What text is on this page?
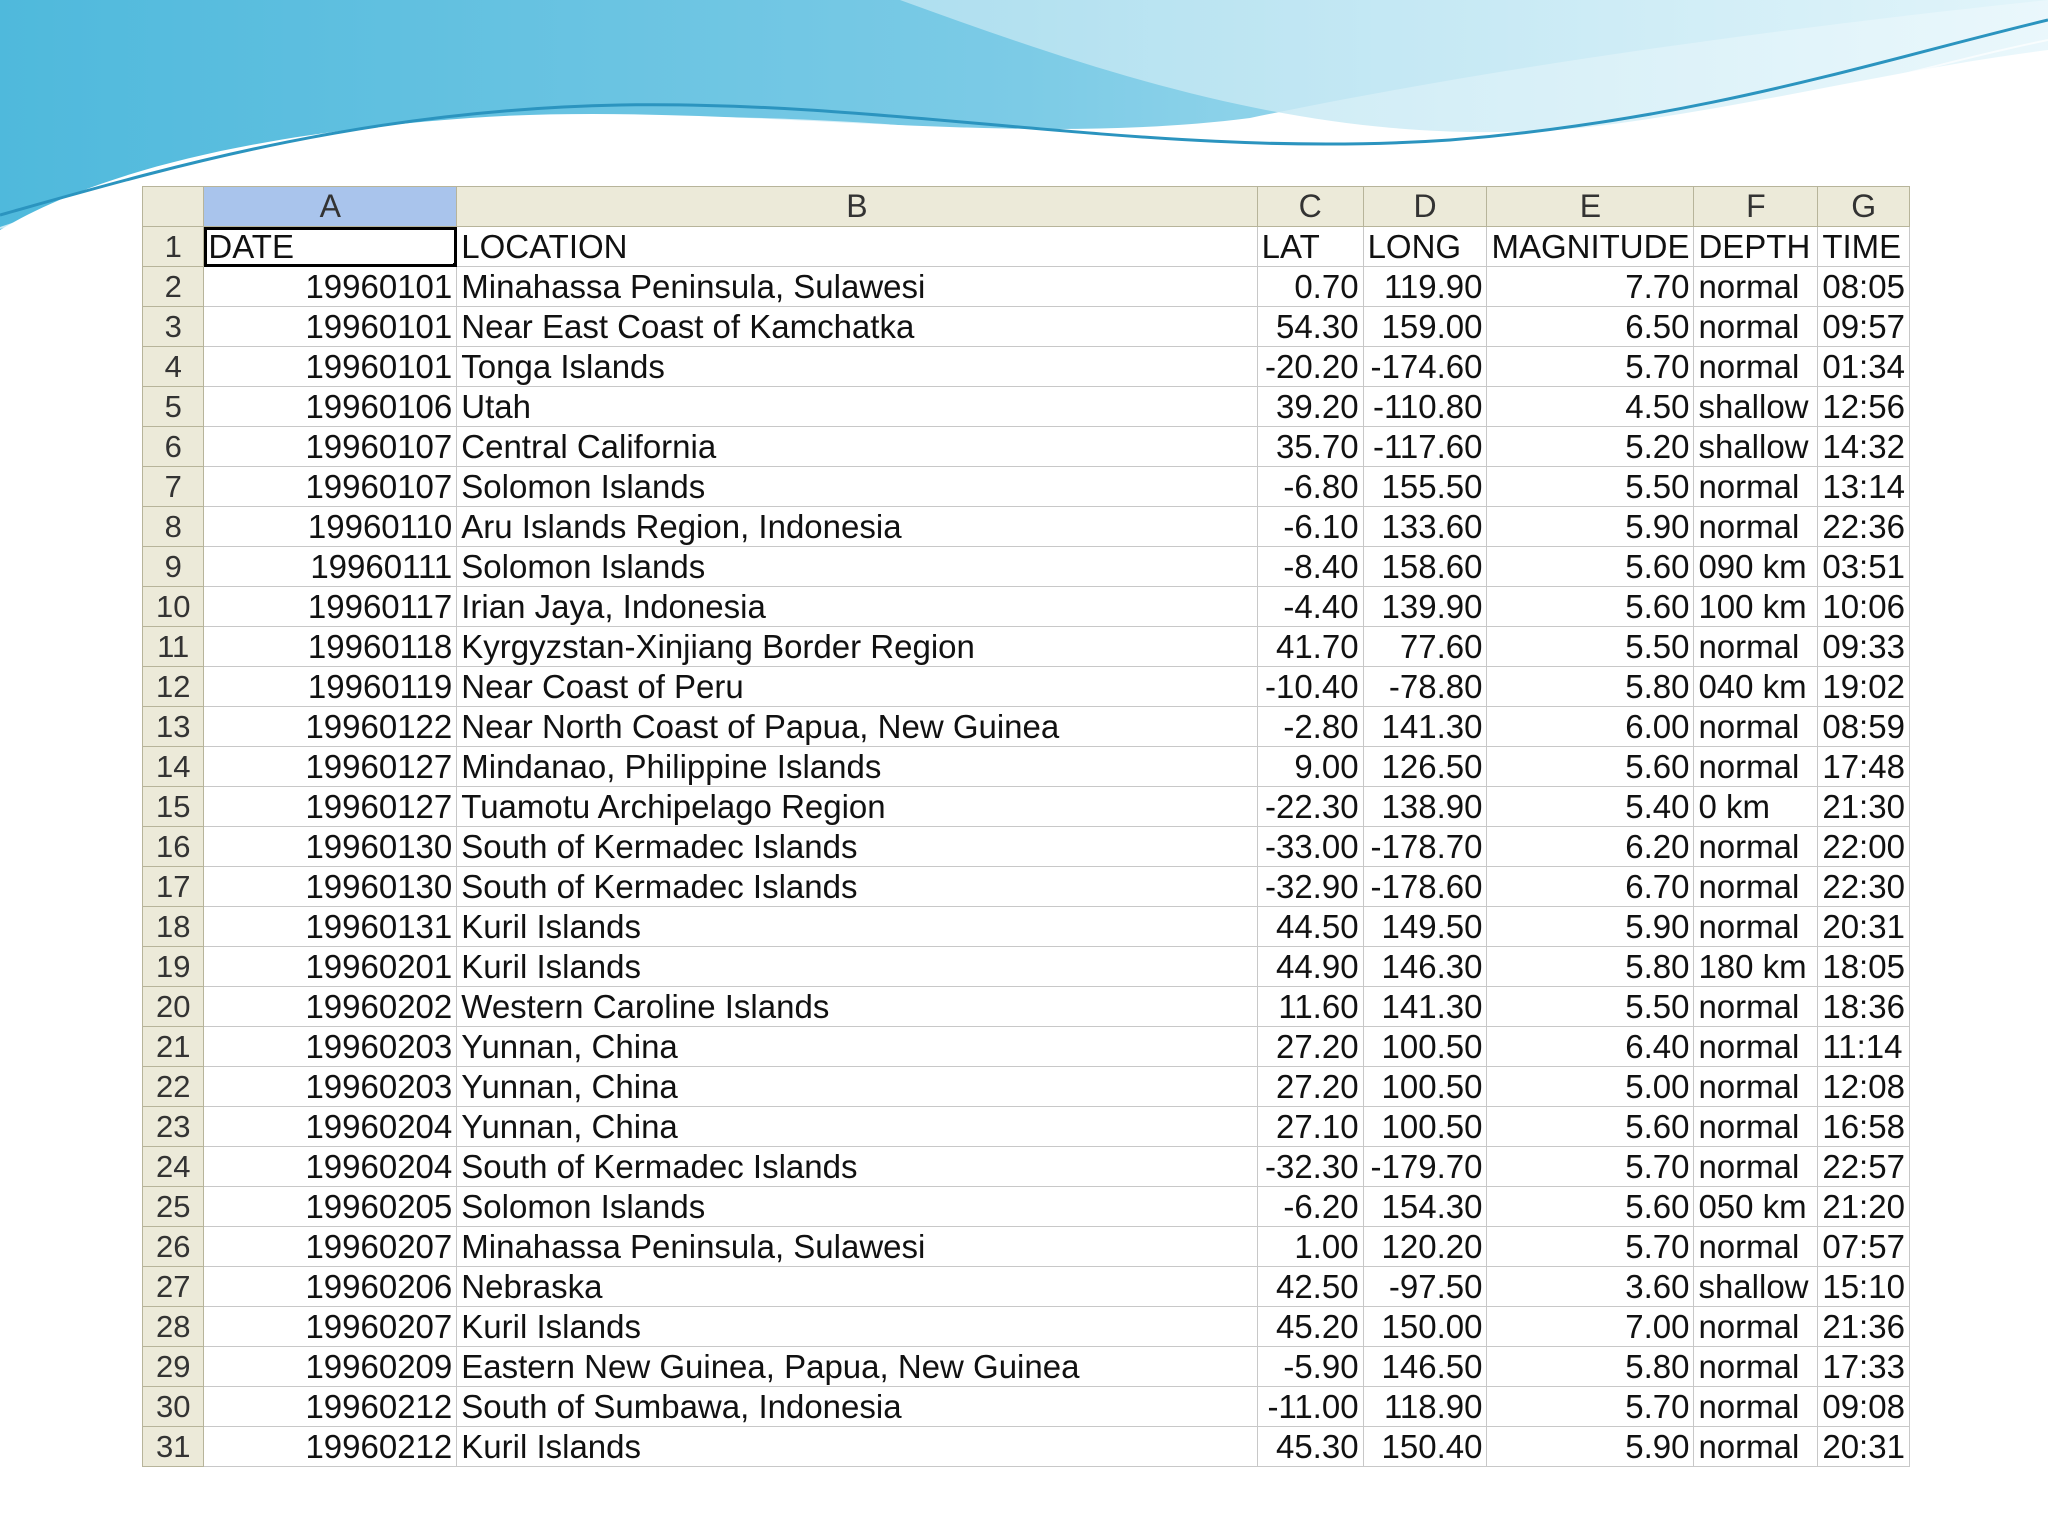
	A	B	C	D	E	F	G
1	DATE	LOCATION	LAT	LONG	MAGNITUDE	DEPTH	TIME
2	19960101	Minahassa Peninsula, Sulawesi	0.70	119.90	7.70	normal	08:05
3	19960101	Near East Coast of Kamchatka	54.30	159.00	6.50	normal	09:57
4	19960101	Tonga Islands	-20.20	-174.60	5.70	normal	01:34
5	19960106	Utah	39.20	-110.80	4.50	shallow	12:56
6	19960107	Central California	35.70	-117.60	5.20	shallow	14:32
7	19960107	Solomon Islands	-6.80	155.50	5.50	normal	13:14
8	19960110	Aru Islands Region, Indonesia	-6.10	133.60	5.90	normal	22:36
9	19960111	Solomon Islands	-8.40	158.60	5.60	090 km	03:51
10	19960117	Irian Jaya, Indonesia	-4.40	139.90	5.60	100 km	10:06
11	19960118	Kyrgyzstan-Xinjiang Border Region	41.70	77.60	5.50	normal	09:33
12	19960119	Near Coast of Peru	-10.40	-78.80	5.80	040 km	19:02
13	19960122	Near North Coast of Papua, New Guinea	-2.80	141.30	6.00	normal	08:59
14	19960127	Mindanao, Philippine Islands	9.00	126.50	5.60	normal	17:48
15	19960127	Tuamotu Archipelago Region	-22.30	138.90	5.40	0 km	21:30
16	19960130	South of Kermadec Islands	-33.00	-178.70	6.20	normal	22:00
17	19960130	South of Kermadec Islands	-32.90	-178.60	6.70	normal	22:30
18	19960131	Kuril Islands	44.50	149.50	5.90	normal	20:31
19	19960201	Kuril Islands	44.90	146.30	5.80	180 km	18:05
20	19960202	Western Caroline Islands	11.60	141.30	5.50	normal	18:36
21	19960203	Yunnan, China	27.20	100.50	6.40	normal	11:14
22	19960203	Yunnan, China	27.20	100.50	5.00	normal	12:08
23	19960204	Yunnan, China	27.10	100.50	5.60	normal	16:58
24	19960204	South of Kermadec Islands	-32.30	-179.70	5.70	normal	22:57
25	19960205	Solomon Islands	-6.20	154.30	5.60	050 km	21:20
26	19960207	Minahassa Peninsula, Sulawesi	1.00	120.20	5.70	normal	07:57
27	19960206	Nebraska	42.50	-97.50	3.60	shallow	15:10
28	19960207	Kuril Islands	45.20	150.00	7.00	normal	21:36
29	19960209	Eastern New Guinea, Papua, New Guinea	-5.90	146.50	5.80	normal	17:33
30	19960212	South of Sumbawa, Indonesia	-11.00	118.90	5.70	normal	09:08
31	19960212	Kuril Islands	45.30	150.40	5.90	normal	20:31
